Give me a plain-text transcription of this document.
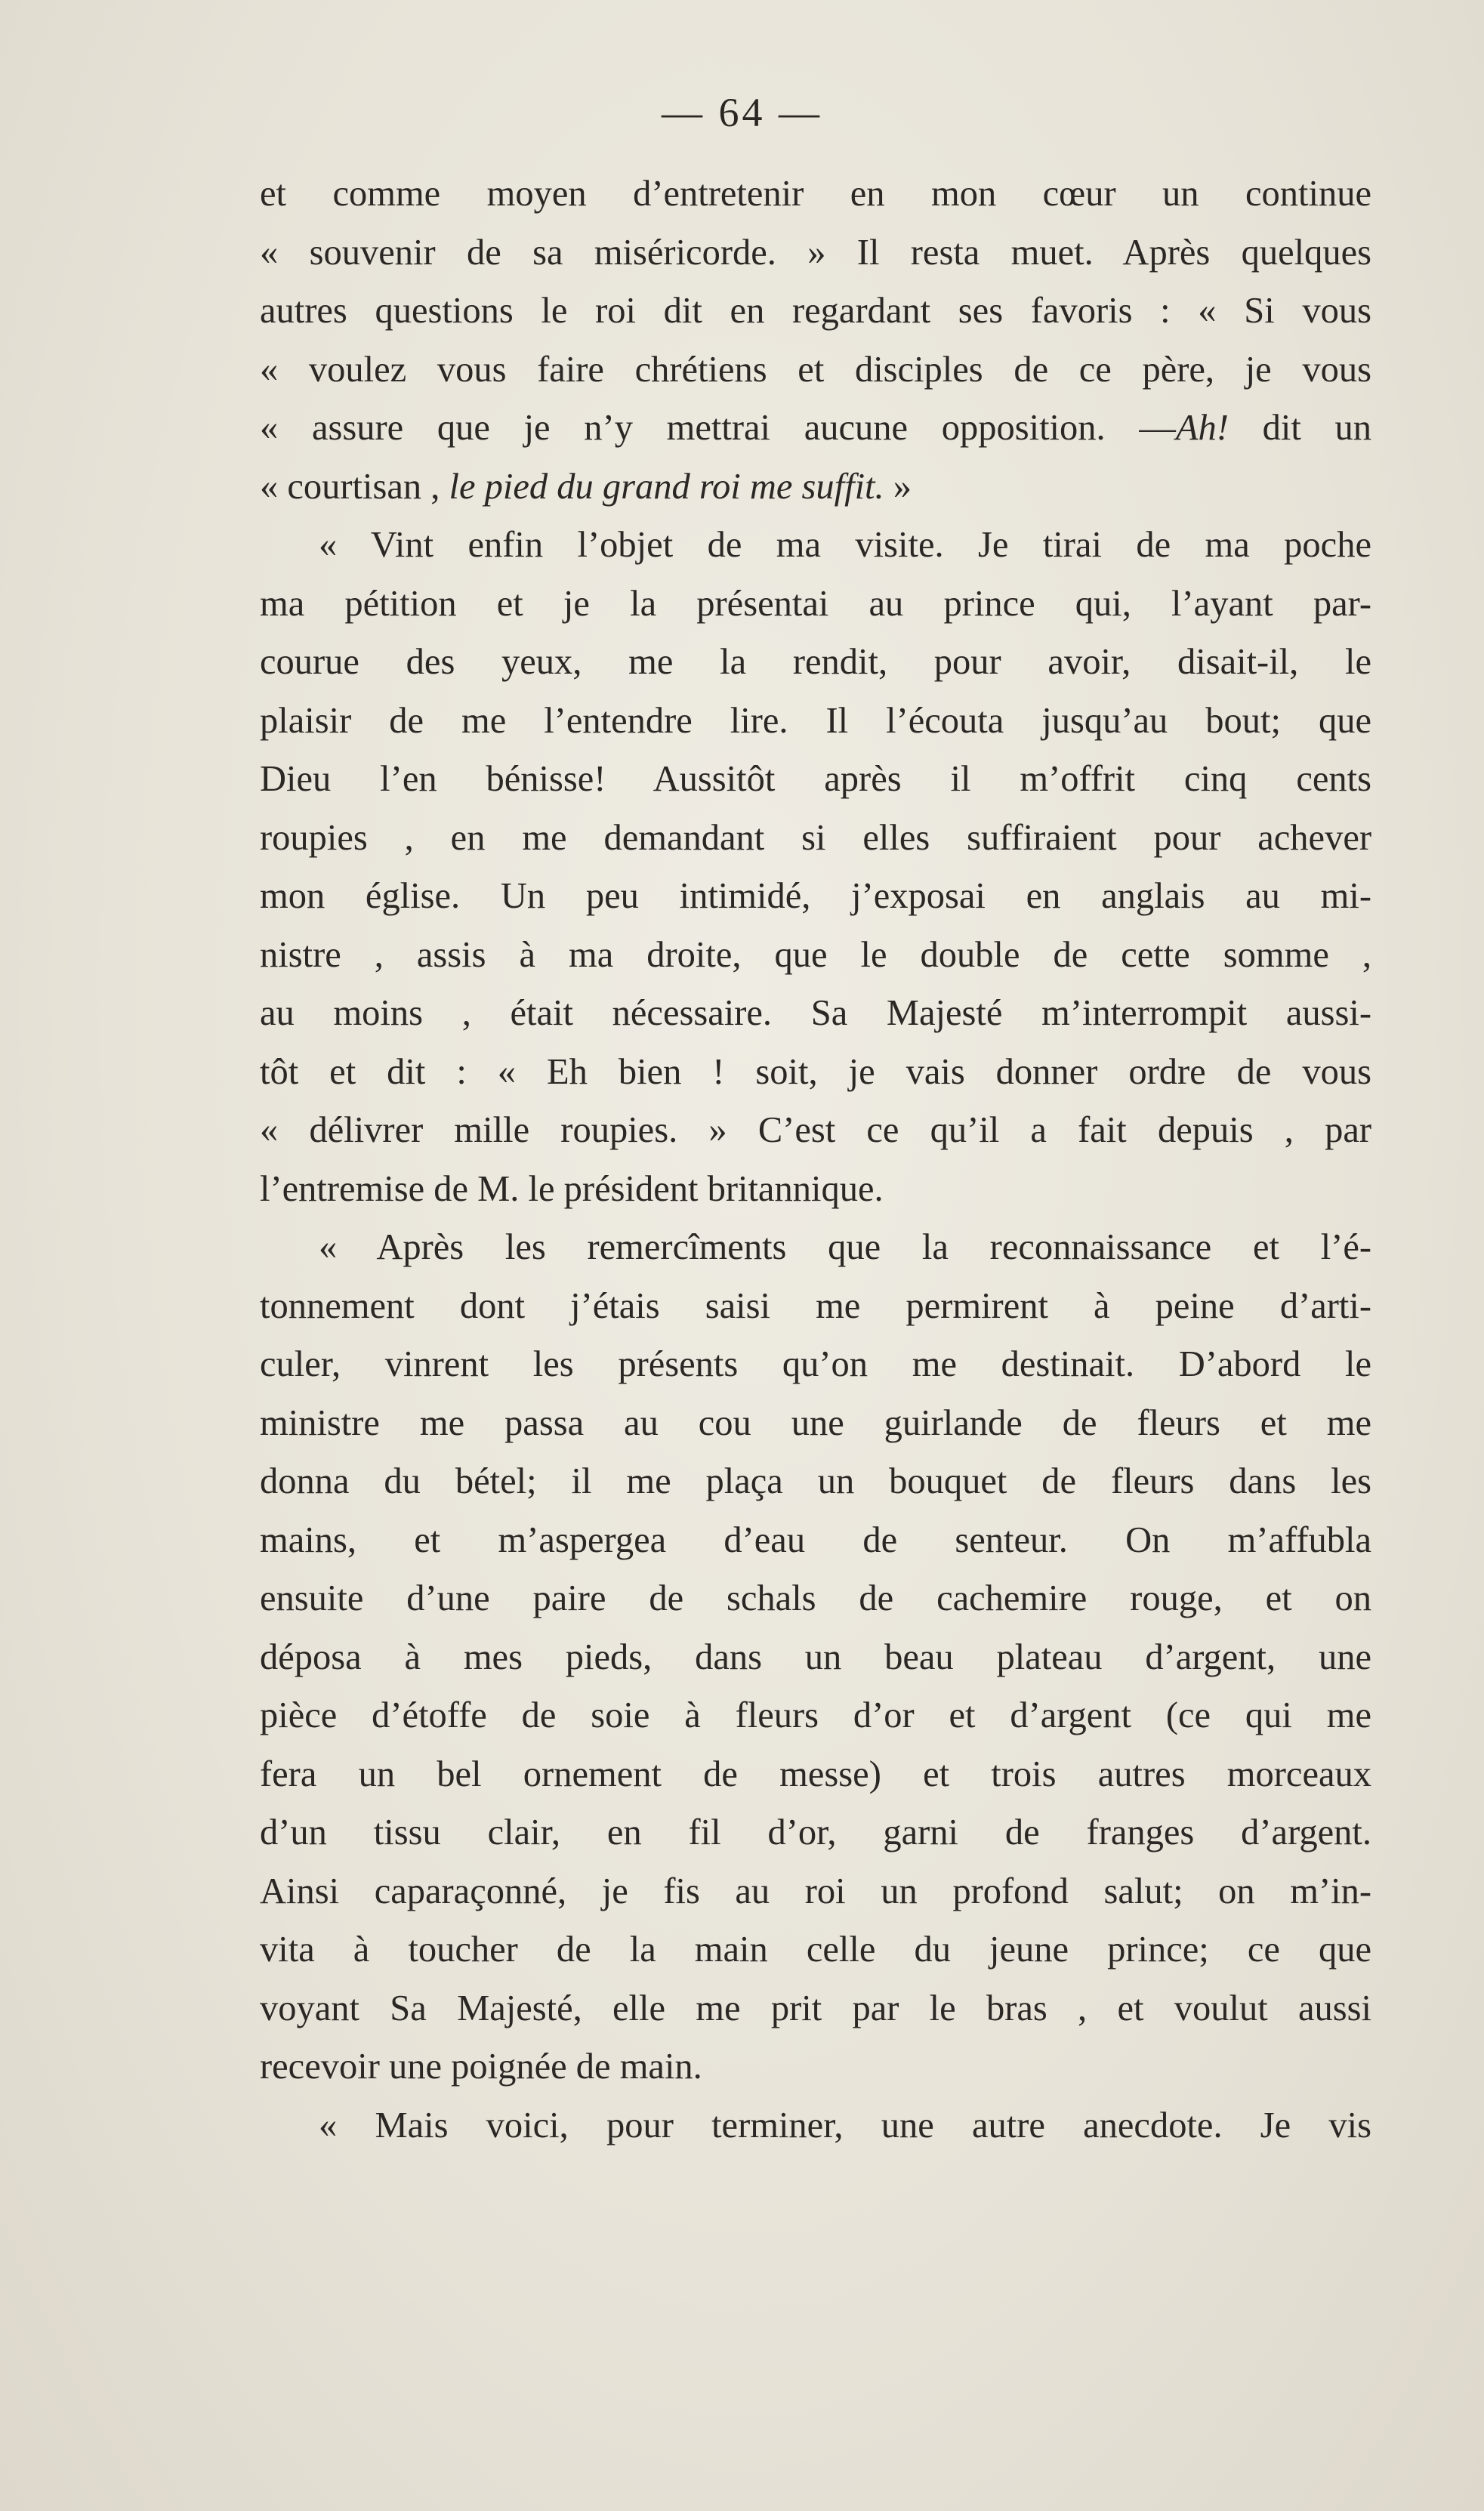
— 64 —
et comme moyen d’entretenir en mon cœur un continue
« souvenir de sa miséricorde. » Il resta muet. Après quelques
autres questions le roi dit en regardant ses favoris : « Si vous
« voulez vous faire chrétiens et disciples de ce père, je vous
« assure que je n’y mettrai aucune opposition. —Ah! dit un
« courtisan , le pied du grand roi me suffit. »
« Vint enfin l’objet de ma visite. Je tirai de ma poche
ma pétition et je la présentai au prince qui, l’ayant par-
courue des yeux, me la rendit, pour avoir, disait-il, le
plaisir de me l’entendre lire. Il l’écouta jusqu’au bout; que
Dieu l’en bénisse! Aussitôt après il m’offrit cinq cents
roupies , en me demandant si elles suffiraient pour achever
mon église. Un peu intimidé, j’exposai en anglais au mi-
nistre , assis à ma droite, que le double de cette somme ,
au moins , était nécessaire. Sa Majesté m’interrompit aussi-
tôt et dit : « Eh bien ! soit, je vais donner ordre de vous
« délivrer mille roupies. » C’est ce qu’il a fait depuis , par
l’entremise de M. le président britannique.
« Après les remercîments que la reconnaissance et l’é-
tonnement dont j’étais saisi me permirent à peine d’arti-
culer, vinrent les présents qu’on me destinait. D’abord le
ministre me passa au cou une guirlande de fleurs et me
donna du bétel; il me plaça un bouquet de fleurs dans les
mains, et m’aspergea d’eau de senteur. On m’affubla
ensuite d’une paire de schals de cachemire rouge, et on
déposa à mes pieds, dans un beau plateau d’argent, une
pièce d’étoffe de soie à fleurs d’or et d’argent (ce qui me
fera un bel ornement de messe) et trois autres morceaux
d’un tissu clair, en fil d’or, garni de franges d’argent.
Ainsi caparaçonné, je fis au roi un profond salut; on m’in-
vita à toucher de la main celle du jeune prince; ce que
voyant Sa Majesté, elle me prit par le bras , et voulut aussi
recevoir une poignée de main.
« Mais voici, pour terminer, une autre anecdote. Je vis
